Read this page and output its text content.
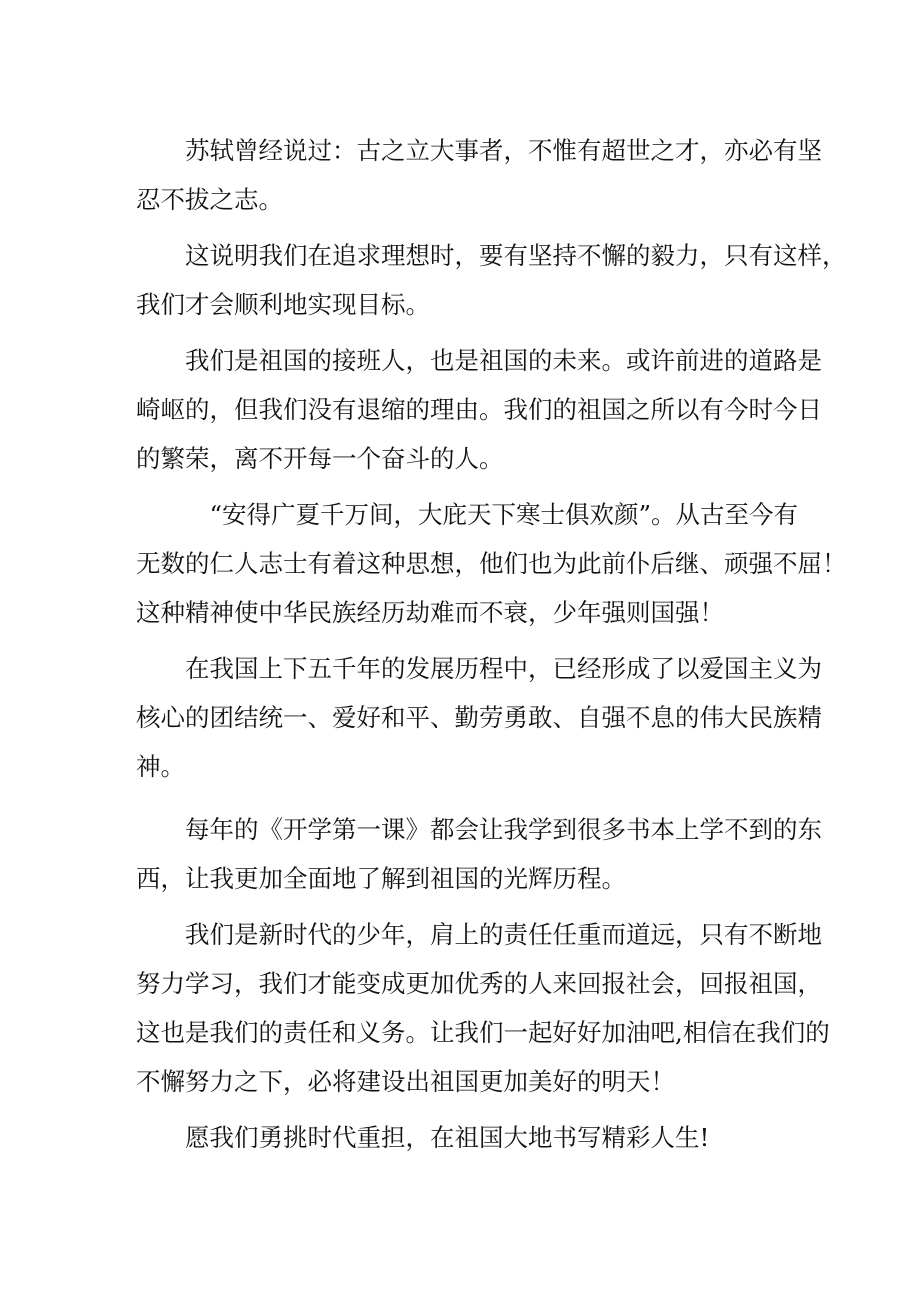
　　苏轼曾经说过：古之立大事者，不惟有超世之才，亦必有坚
忍不拔之志。
　　这说明我们在追求理想时，要有坚持不懈的毅力，只有这样，
我们才会顺利地实现目标。
　　我们是祖国的接班人，也是祖国的未来。或许前进的道路是
崎岖的，但我们没有退缩的理由。我们的祖国之所以有今时今日
的繁荣，离不开每一个奋斗的人。
　　　“安得广夏千万间，大庇天下寒士俱欢颜”。从古至今有
无数的仁人志士有着这种思想，他们也为此前仆后继、顽强不屈！
这种精神使中华民族经历劫难而不衰，少年强则国强！
　　在我国上下五千年的发展历程中，已经形成了以爱国主义为
核心的团结统一、爱好和平、勤劳勇敢、自强不息的伟大民族精
神。
　　每年的《开学第一课》都会让我学到很多书本上学不到的东
西，让我更加全面地了解到祖国的光辉历程。
　　我们是新时代的少年，肩上的责任任重而道远，只有不断地
努力学习，我们才能变成更加优秀的人来回报社会，回报祖国，
这也是我们的责任和义务。让我们一起好好加油吧,相信在我们的
不懈努力之下，必将建设出祖国更加美好的明天！
　　愿我们勇挑时代重担，在祖国大地书写精彩人生!
